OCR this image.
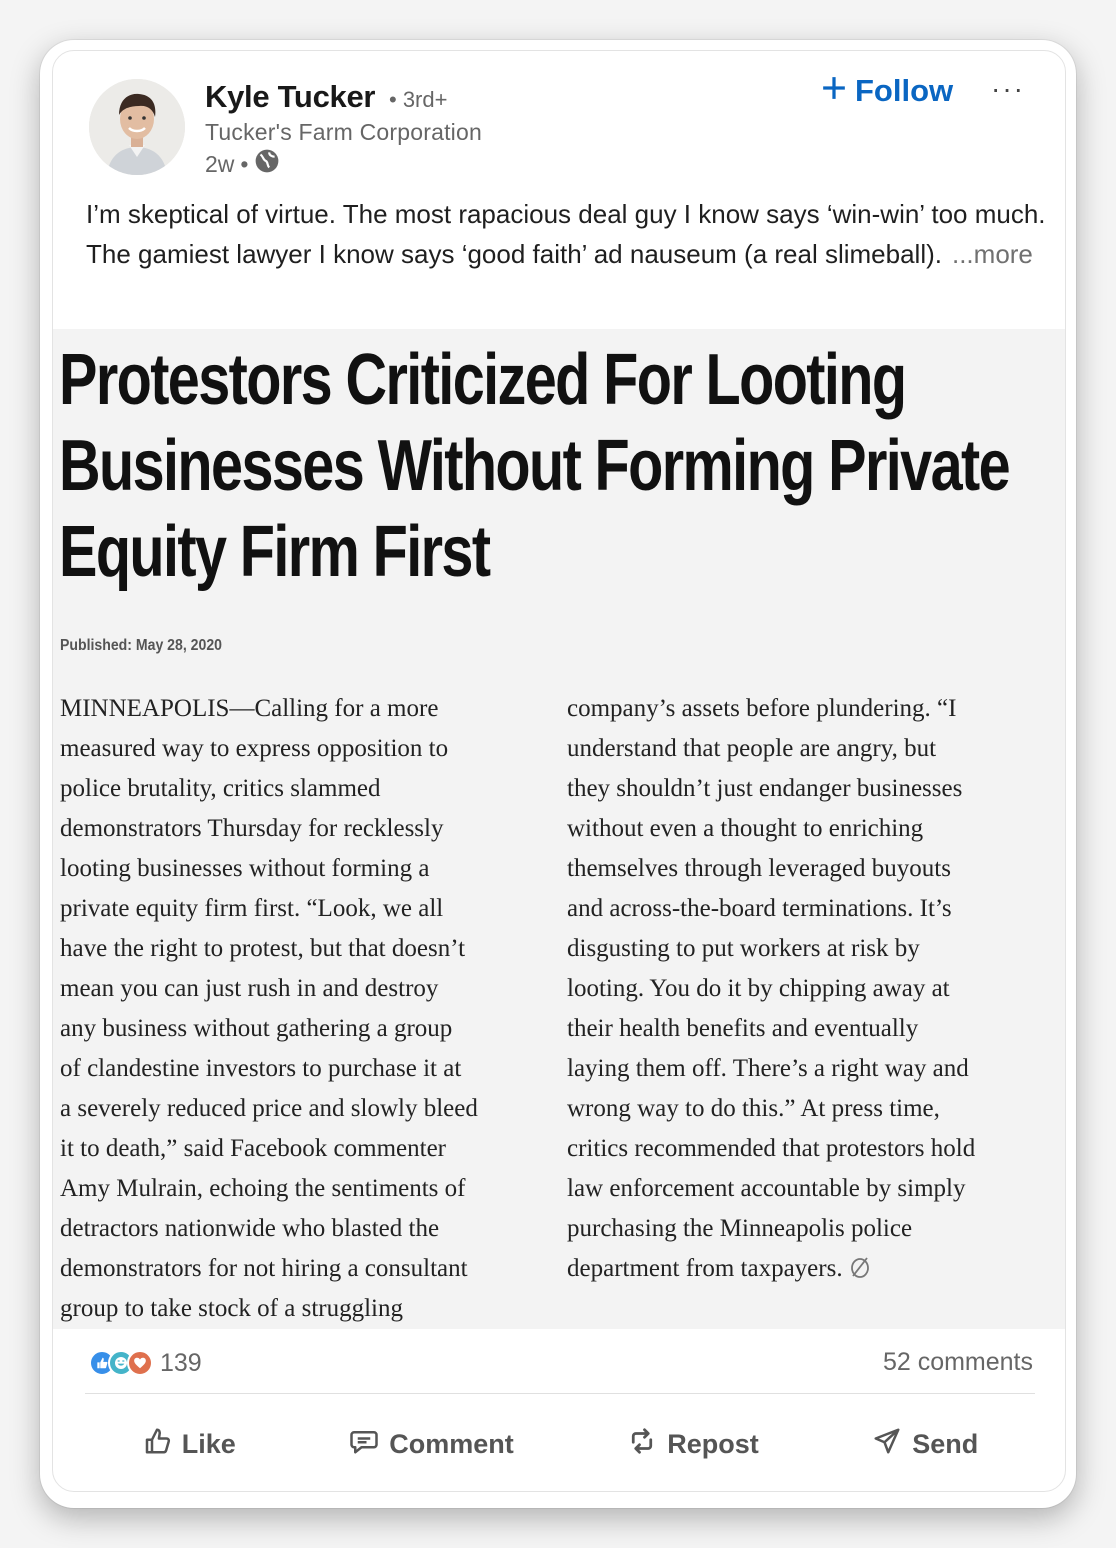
Kyle Tucker • 3rd+
Tucker's Farm Corporation
2w •
Follow ···
I’m skeptical of virtue. The most rapacious deal guy I know says ‘win-win’ too much. The gamiest lawyer I know says ‘good faith’ ad nauseum (a real slimeball). ...more
Protestors Criticized For Looting
Businesses Without Forming Private
Equity Firm First
Published: May 28, 2020

MINNEAPOLIS—Calling for a more

measured way to express opposition to

police brutality, critics slammed

demonstrators Thursday for recklessly

looting businesses without forming a

private equity firm first. “Look, we all

have the right to protest, but that doesn’t

mean you can just rush in and destroy

any business without gathering a group

of clandestine investors to purchase it at

a severely reduced price and slowly bleed

it to death,” said Facebook commenter

Amy Mulrain, echoing the sentiments of

detractors nationwide who blasted the

demonstrators for not hiring a consultant

group to take stock of a struggling

company’s assets before plundering. “I

understand that people are angry, but

they shouldn’t just endanger businesses

without even a thought to enriching

themselves through leveraged buyouts

and across-the-board terminations. It’s

disgusting to put workers at risk by

looting. You do it by chipping away at

their health benefits and eventually

laying them off. There’s a right way and

wrong way to do this.” At press time,

critics recommended that protestors hold

law enforcement accountable by simply

purchasing the Minneapolis police

department from taxpayers.

139	52 comments
Like	Comment	Repost	Send
